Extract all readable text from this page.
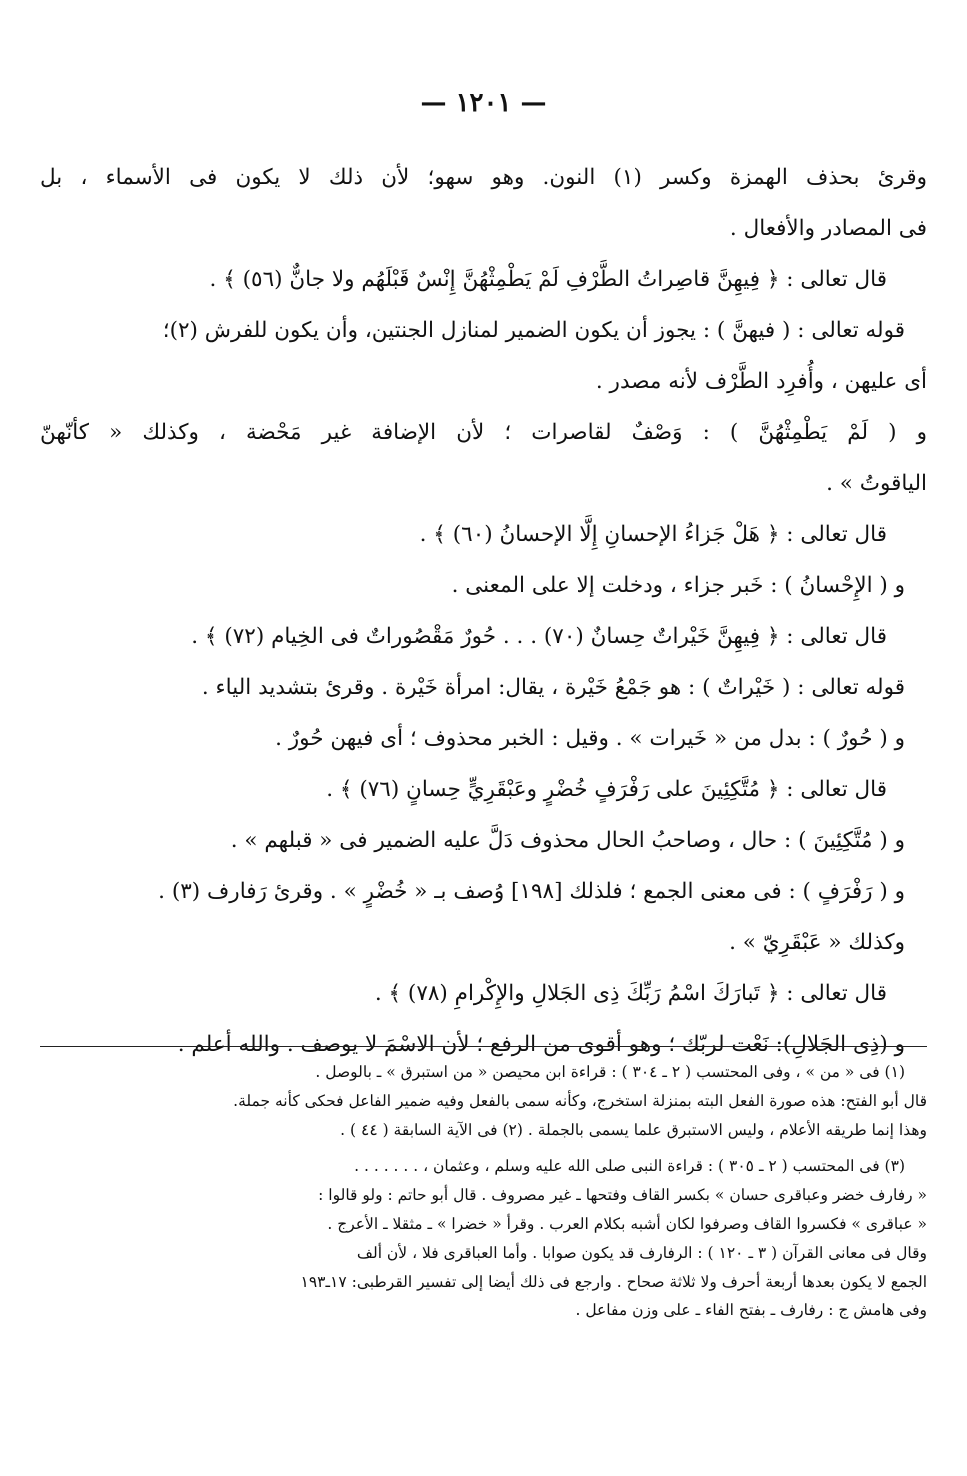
— ١٢٠١ —
وقرئ بحذف الهمزة وكسر (١) النون. وهو سهو؛ لأن ذلك لا يكون فى الأسماء ، بل
فى المصادر والأفعال .
قال تعالى : ﴿ فِيهِنَّ قاصِراتُ الطَّرْفِ لَمْ يَطْمِثْهُنَّ إِنْسٌ قَبْلَهُم ولا جانٌّ (٥٦) ﴾ .
قوله تعالى : ( فيهنَّ ) : يجوز أن يكون الضمير لمنازل الجنتين، وأن يكون للفرش (٢)؛
أى عليهن ، وأُفرِد الطَّرْف لأنه مصدر .
و ( لَمْ يَطْمِثْهُنَّ ) : وَصْفٌ لقاصرات ؛ لأن الإضافة غير مَحْضة ، وكذلك « كأنّهنّ
الياقوتُ » .
قال تعالى : ﴿ هَلْ جَزاءُ الإحسانِ إِلَّا الإحسانُ (٦٠) ﴾ .
و ( الإِحْسانُ ) : خَبر جزاء ، ودخلت إلا على المعنى .
قال تعالى : ﴿ فِيهِنَّ خَيْراتٌ حِسانٌ (٧٠) . . . حُورٌ مَقْصُوراتٌ فى الخِيام (٧٢) ﴾ .
قوله تعالى : ( خَيْراتٌ ) : هو جَمْعُ خَيْرة ، يقال: امرأة خَيْرة . وقرئ بتشديد الياء .
و ( حُورٌ ) : بدل من « خَيرات » . وقيل : الخبر محذوف ؛ أى فيهن حُورٌ .
قال تعالى : ﴿ مُتَّكِئِينَ على رَفْرَفٍ خُضْرٍ وعَبْقَرِيٍّ حِسانٍ (٧٦) ﴾ .
و ( مُتَّكِئِينَ ) : حال ، وصاحبُ الحال محذوف دَلَّ عليه الضمير فى « قبلهم » .
و ( رَفْرَفٍ ) : فى معنى الجمع ؛ فلذلك [١٩٨] وُصف بـ « خُضْرٍ » . وقرئ رَفارف (٣) .
وكذلك « عَبْقَرِيّ » .
قال تعالى : ﴿ تَبارَكَ اسْمُ رَبِّكَ ذِى الجَلالِ والإِكْرامِ (٧٨) ﴾ .
و (ذِى الجَلالِ): نَعْت لربّك ؛ وهو أقوى من الرفع ؛ لأن الاسْمَ لا يوصف . والله أعلم .
(١) فى « من » ، وفى المحتسب ( ٢ ـ ٣٠٤ ) : قراءة ابن محيصن « من استبرق » ـ بالوصل .
قال أبو الفتح: هذه صورة الفعل البته بمنزلة استخرج، وكأنه سمى بالفعل وفيه ضمير الفاعل فحكى كأنه جملة.
وهذا إنما طريقه الأعلام ، وليس الاستبرق علما يسمى بالجملة . (٢) فى الآية السابقة ( ٤٤ ) .
(٣) فى المحتسب ( ٢ ـ ٣٠٥ ) : قراءة النبى صلى الله عليه وسلم ، وعثمان ، . . . . . . .
« رفارف خضر وعباقرى حسان » بكسر القاف وفتحها ـ غير مصروف . قال أبو حاتم : ولو قالوا :
« عباقرى » فكسروا القاف وصرفوا لكان أشبه بكلام العرب . وقرأ « خضرا » ـ مثقلا ـ الأعرج .
وقال فى معانى القرآن ( ٣ ـ ١٢٠ ) : الرفارف قد يكون صوابا . وأما العباقرى فلا ، لأن ألف
الجمع لا يكون بعدها أربعة أحرف ولا ثلاثة صحاح . وارجع فى ذلك أيضا إلى تفسير القرطبى: ١٧ـ١٩٣
وفى هامش ج : رفارف ـ بفتح الفاء ـ على وزن مفاعل .
